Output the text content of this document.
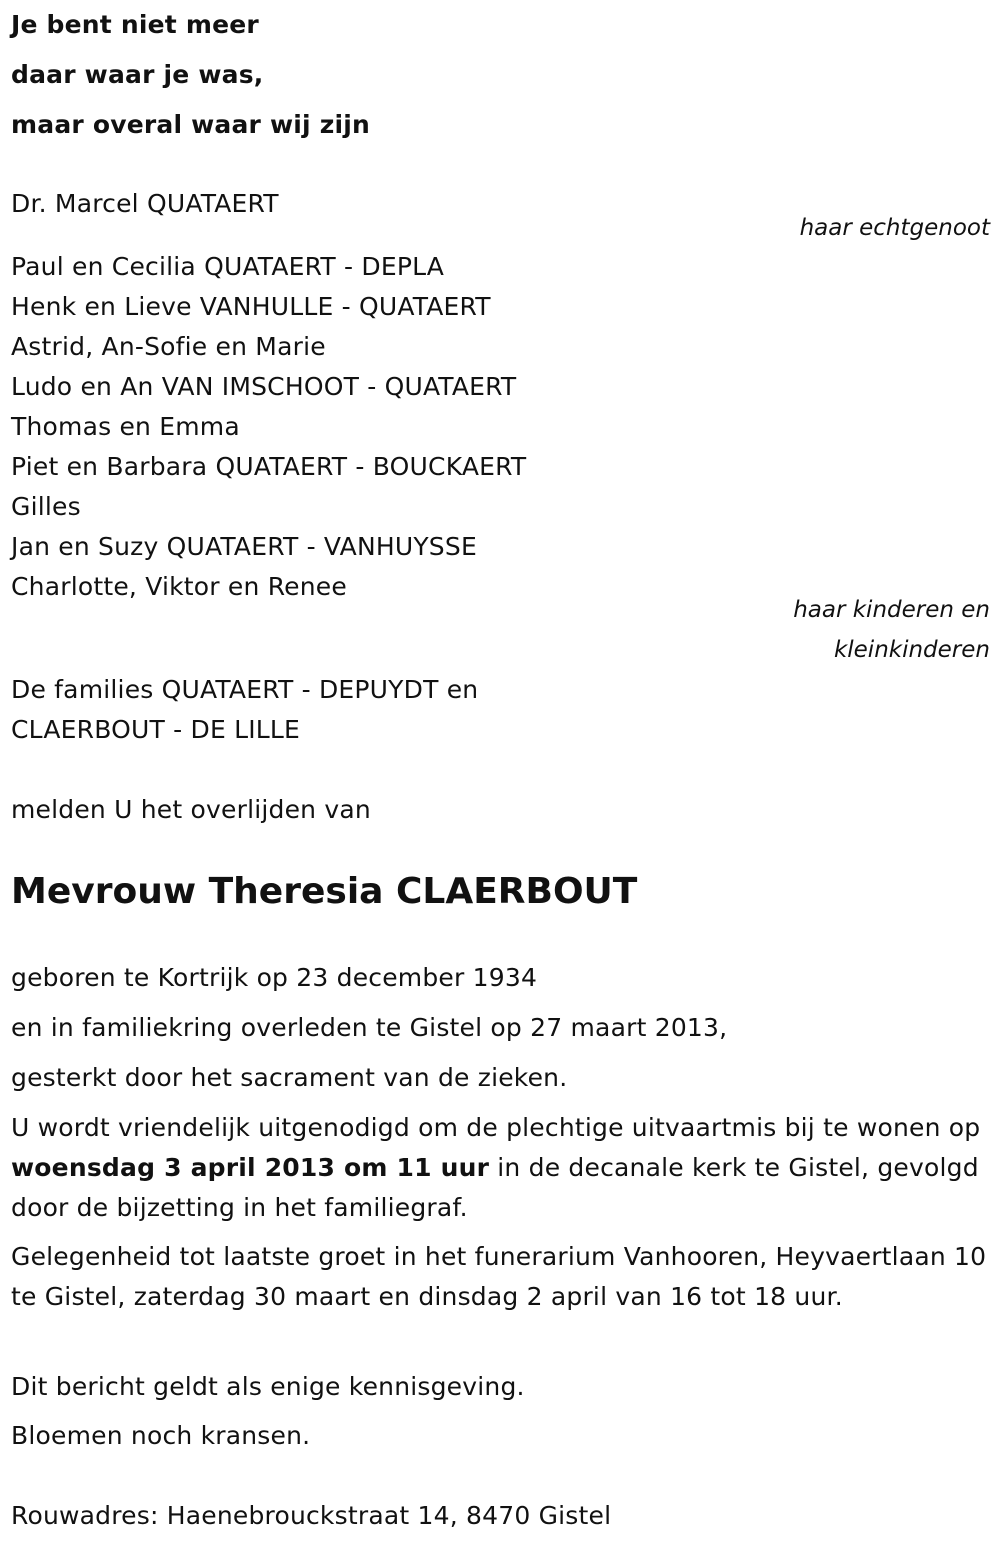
Je bent niet meer
daar waar je was,
maar overal waar wij zijn
Dr. Marcel QUATAERT
haar echtgenoot
Paul en Cecilia QUATAERT - DEPLA
Henk en Lieve VANHULLE - QUATAERT
Astrid, An-Sofie en Marie
Ludo en An VAN IMSCHOOT - QUATAERT
Thomas en Emma
Piet en Barbara QUATAERT - BOUCKAERT
Gilles
Jan en Suzy QUATAERT - VANHUYSSE
Charlotte, Viktor en Renee
haar kinderen en
kleinkinderen
De families QUATAERT - DEPUYDT en
CLAERBOUT - DE LILLE
melden U het overlijden van
Mevrouw Theresia CLAERBOUT
geboren te Kortrijk op 23 december 1934
en in familiekring overleden te Gistel op 27 maart 2013,
gesterkt door het sacrament van de zieken.
U wordt vriendelijk uitgenodigd om de plechtige uitvaartmis bij te wonen op woensdag 3 april 2013 om 11 uur in de decanale kerk te Gistel, gevolgd door de bijzetting in het familiegraf.
Gelegenheid tot laatste groet in het funerarium Vanhooren, Heyvaertlaan 10 te Gistel, zaterdag 30 maart en dinsdag 2 april van 16 tot 18 uur.
Dit bericht geldt als enige kennisgeving.
Bloemen noch kransen.
Rouwadres: Haenebrouckstraat 14, 8470 Gistel
